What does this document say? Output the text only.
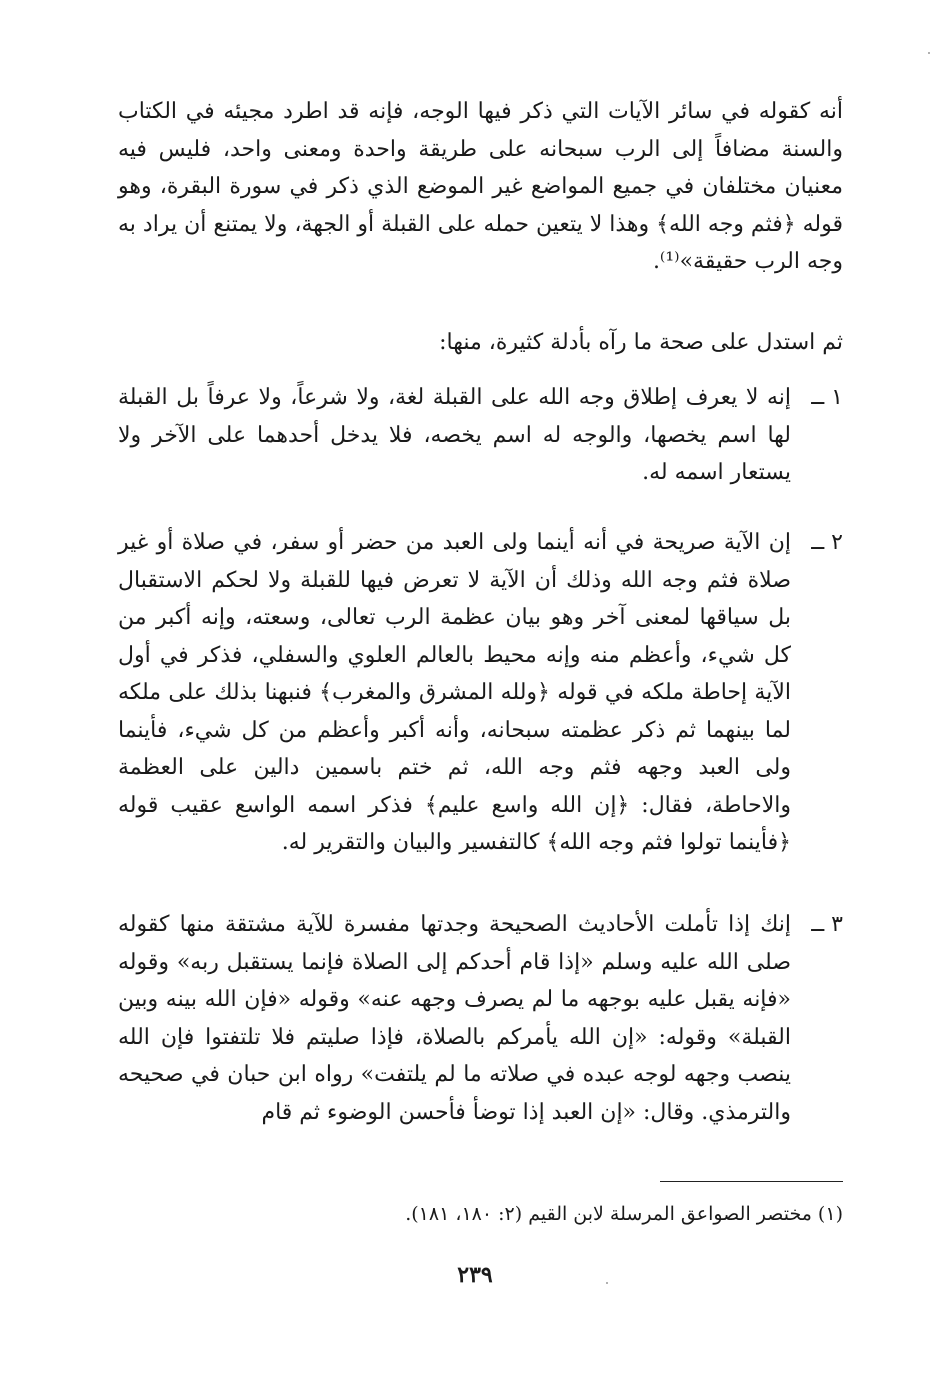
أنه كقوله في سائر الآيات التي ذكر فيها الوجه، فإنه قد اطرد مجيئه في الكتاب والسنة مضافاً إلى الرب سبحانه على طريقة واحدة ومعنى واحد، فليس فيه معنيان مختلفان في جميع المواضع غير الموضع الذي ذكر في سورة البقرة، وهو قوله ﴿فثم وجه الله﴾ وهذا لا يتعين حمله على القبلة أو الجهة، ولا يمتنع أن يراد به وجه الرب حقيقة»⁽¹⁾.

ثم استدل على صحة ما رآه بأدلة كثيرة، منها:

١ ــ

إنه لا يعرف إطلاق وجه الله على القبلة لغة، ولا شرعاً، ولا عرفاً بل القبلة لها اسم يخصها، والوجه له اسم يخصه، فلا يدخل أحدهما على الآخر ولا يستعار اسمه له.

٢ ــ

إن الآية صريحة في أنه أينما ولى العبد من حضر أو سفر، في صلاة أو غير صلاة فثم وجه الله وذلك أن الآية لا تعرض فيها للقبلة ولا لحكم الاستقبال بل سياقها لمعنى آخر وهو بيان عظمة الرب تعالى، وسعته، وإنه أكبر من كل شيء، وأعظم منه وإنه محيط بالعالم العلوي والسفلي، فذكر في أول الآية إحاطة ملكه في قوله ﴿ولله المشرق والمغرب﴾ فنبهنا بذلك على ملكه لما بينهما ثم ذكر عظمته سبحانه، وأنه أكبر وأعظم من كل شيء، فأينما ولى العبد وجهه فثم وجه الله، ثم ختم باسمين دالين على العظمة والاحاطة، فقال: ﴿إن الله واسع عليم﴾ فذكر اسمه الواسع عقيب قوله ﴿فأينما تولوا فثم وجه الله﴾ كالتفسير والبيان والتقرير له.

٣ ــ

إنك إذا تأملت الأحاديث الصحيحة وجدتها مفسرة للآية مشتقة منها كقوله صلى الله عليه وسلم «إذا قام أحدكم إلى الصلاة فإنما يستقبل ربه» وقوله «فإنه يقبل عليه بوجهه ما لم يصرف وجهه عنه» وقوله «فإن الله بينه وبين القبلة» وقوله: «إن الله يأمركم بالصلاة، فإذا صليتم فلا تلتفتوا فإن الله ينصب وجهه لوجه عبده في صلاته ما لم يلتفت» رواه ابن حبان في صحيحه والترمذي. وقال: «إن العبد إذا توضأ فأحسن الوضوء ثم قام

(١) مختصر الصواعق المرسلة لابن القيم (٢: ١٨٠، ١٨١).

٢٣٩
